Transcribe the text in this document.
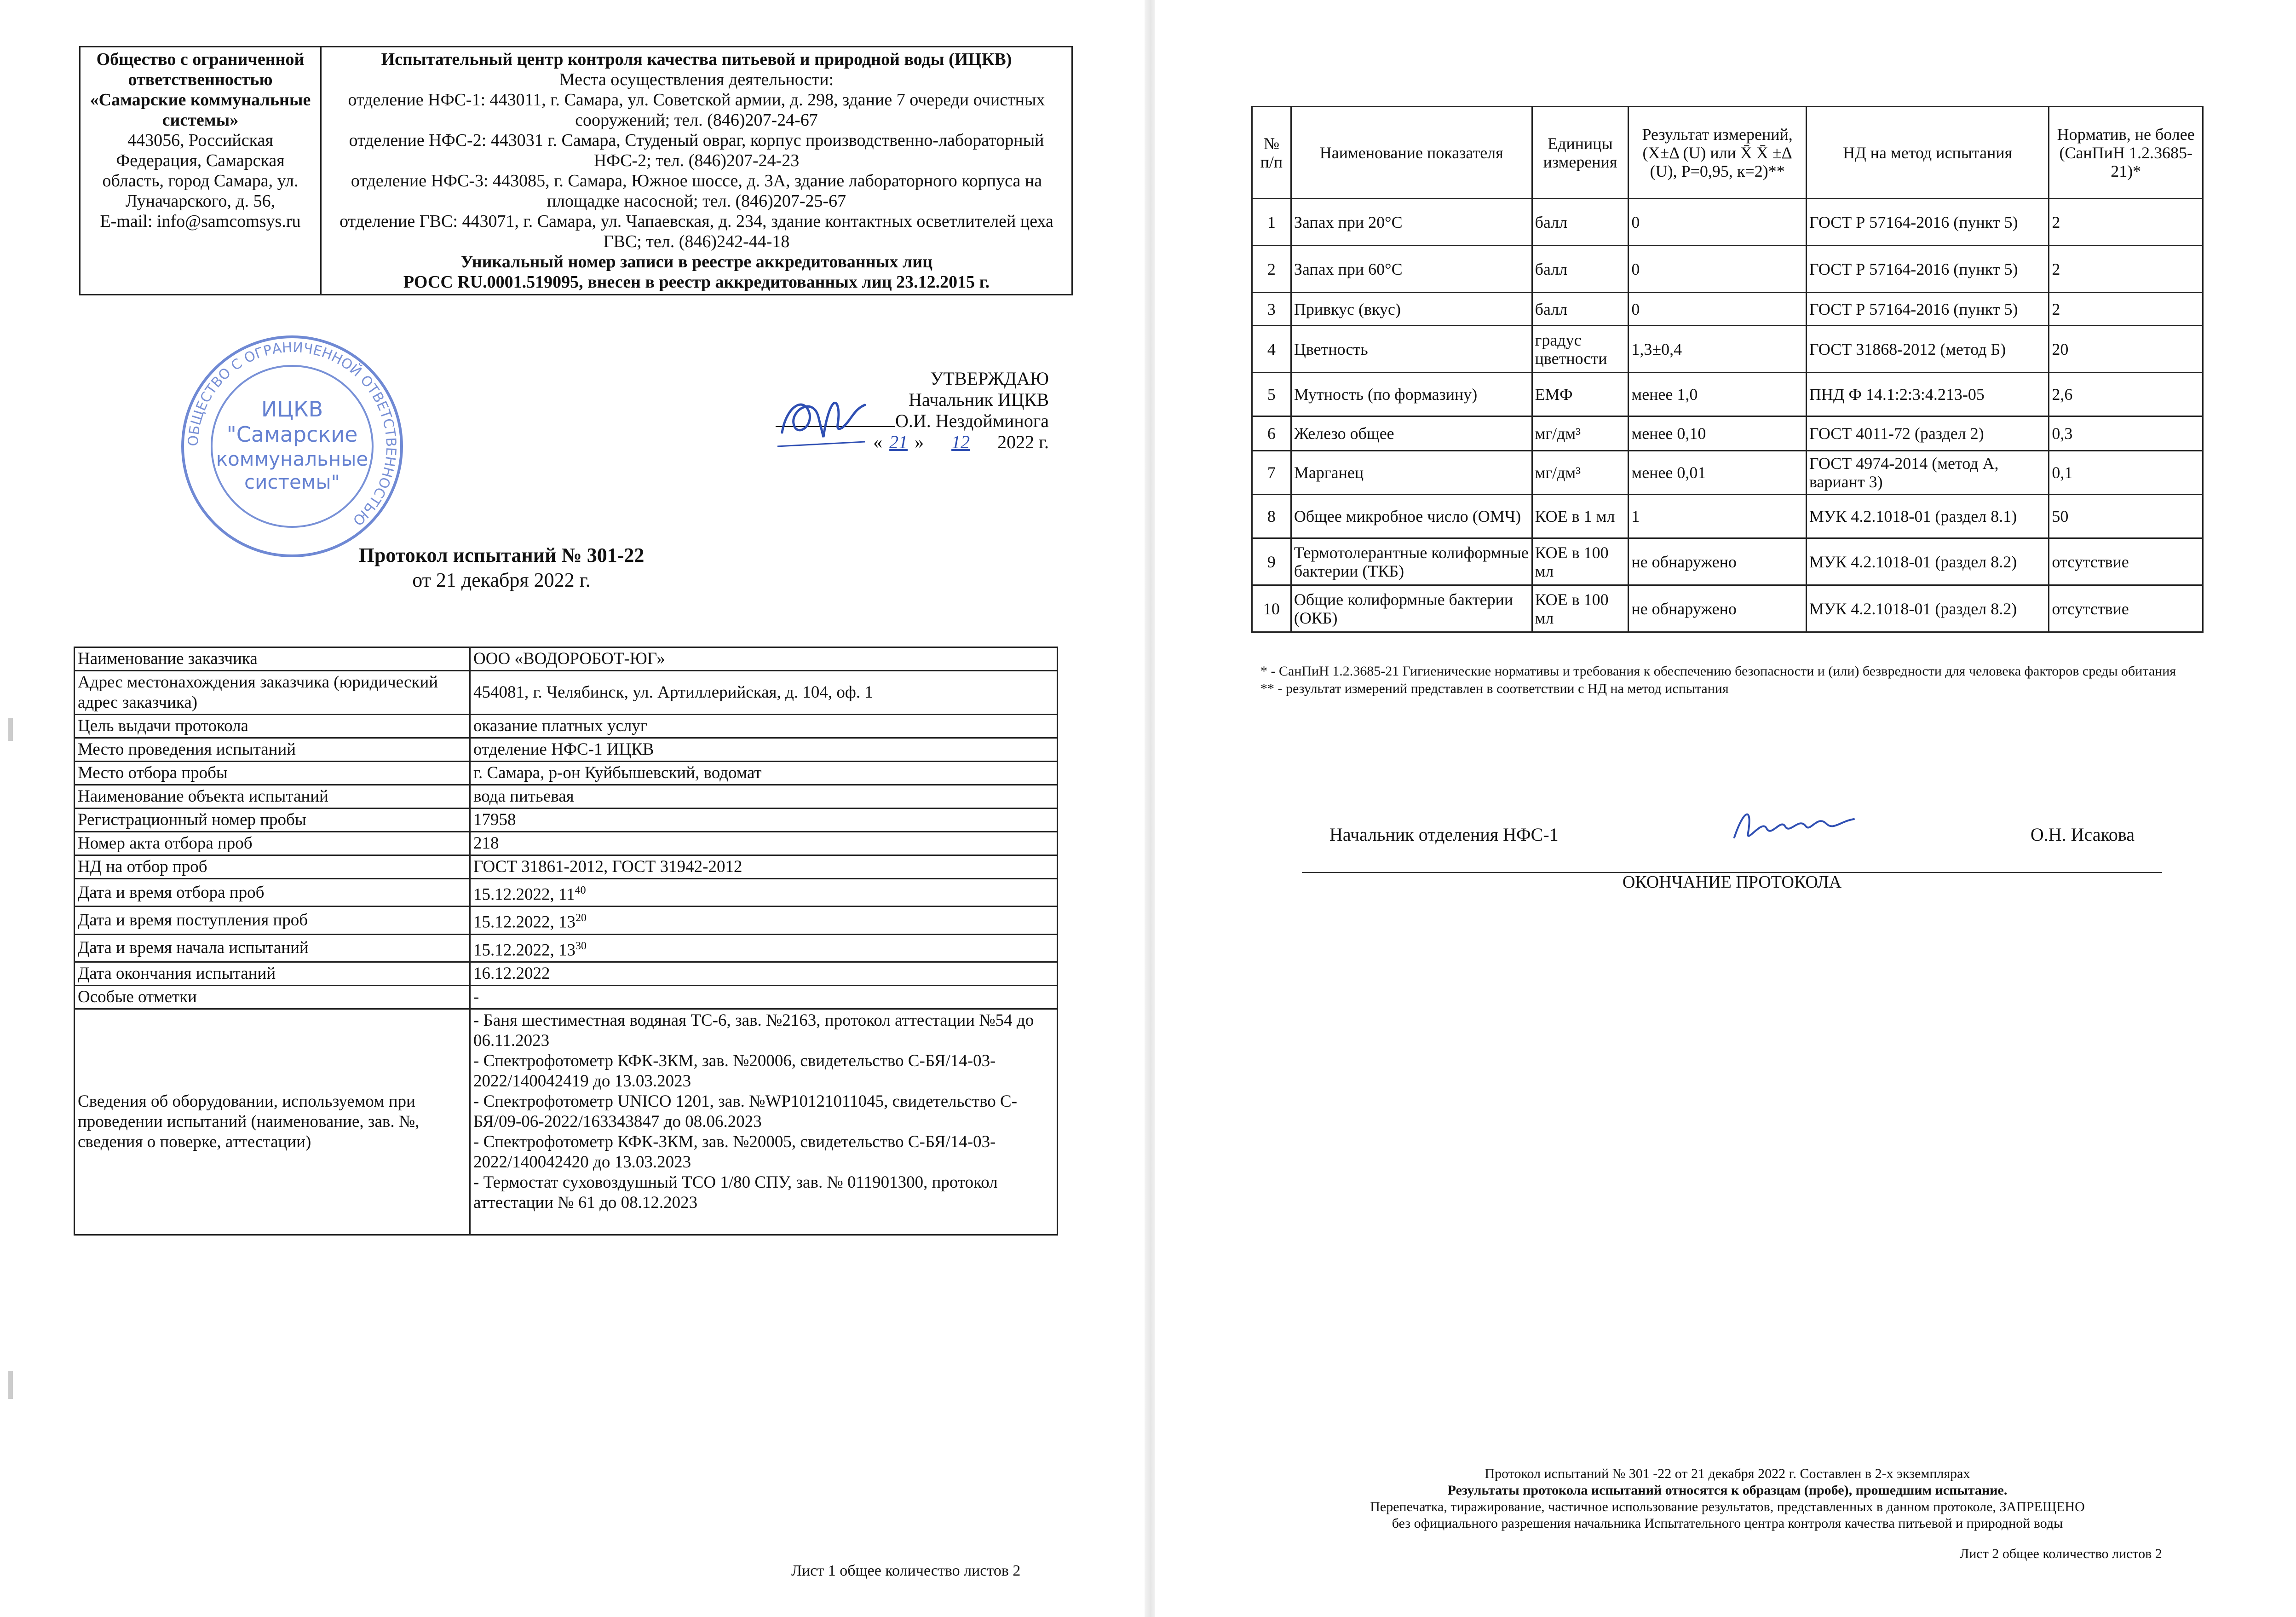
Общество с ограниченной ответственностью «Самарские коммунальные системы»
443056, Российская Федерация, Самарская область, город Самара, ул. Луначарского, д. 56,
E-mail: info@samcomsys.ru

Испытательный центр контроля качества питьевой и природной воды (ИЦКВ)
Места осуществления деятельности:
отделение НФС-1: 443011, г. Самара, ул. Советской армии, д. 298, здание 7 очереди очистных сооружений; тел. (846)207-24-67
отделение НФС-2: 443031 г. Самара, Студеный овраг, корпус производственно-лабораторный НФС-2; тел. (846)207-24-23
отделение НФС-3: 443085, г. Самара, Южное шоссе, д. 3А, здание лабораторного корпуса на площадке насосной; тел. (846)207-25-67
отделение ГВС: 443071, г. Самара, ул. Чапаевская, д. 234, здание контактных осветлителей цеха ГВС; тел. (846)242-44-18
Уникальный номер записи в реестре аккредитованных лиц
РОСС RU.0001.519095, внесен в реестр аккредитованных лиц 23.12.2015 г.
ОБЩЕСТВО С ОГРАНИЧЕННОЙ ОТВЕТСТВЕННОСТЬЮ
ИЦКВ
"Самарские
коммунальные
системы"
УТВЕРЖДАЮ
Начальник ИЦКВ
О.И. Нездойминога
« 21 » 12 2022 г.
Протокол испытаний № 301-22
от 21 декабря 2022 г.
Наименование заказчика	ООО «ВОДОРОБОТ-ЮГ»
Адрес местонахождения заказчика (юридический адрес заказчика)	454081, г. Челябинск, ул. Артиллерийская, д. 104, оф. 1
Цель выдачи протокола	оказание платных услуг
Место проведения испытаний	отделение НФС-1 ИЦКВ
Место отбора пробы	г. Самара, р-он Куйбышевский, водомат
Наименование объекта испытаний	вода питьевая
Регистрационный номер пробы	17958
Номер акта отбора проб	218
НД на отбор проб	ГОСТ 31861-2012, ГОСТ 31942-2012
Дата и время отбора проб	15.12.2022, $11^{40}$
Дата и время поступления проб	15.12.2022, $13^{20}$
Дата и время начала испытаний	15.12.2022, $13^{30}$
Дата окончания испытаний	16.12.2022
Особые отметки	-
Сведения об оборудовании, используемом при проведении испытаний (наименование, зав. №, сведения о поверке, аттестации)	- Баня шестиместная водяная ТС-6, зав. №2163, протокол аттестации №54 до 06.11.2023
- Спектрофотометр КФК-3КМ, зав. №20006, свидетельство С-БЯ/14-03-2022/140042419 до 13.03.2023
- Спектрофотометр UNICO 1201, зав. №WP10121011045, свидетельство С-БЯ/09-06-2022/163343847 до 08.06.2023
- Спектрофотометр КФК-3КМ, зав. №20005, свидетельство С-БЯ/14-03-2022/140042420 до 13.03.2023
- Термостат суховоздушный ТСО 1/80 СПУ, зав. № 011901300, протокол аттестации № 61 до 08.12.2023
Лист 1 общее количество листов 2
№ п/п	Наименование показателя	Единицы измерения	Результат измерений, (X±Δ (U) или X̄ X̄ ±Δ (U), P=0,95, к=2)**	НД на метод испытания	Норматив, не более (СанПиН 1.2.3685-21)*
1	Запах при 20°С	балл	0	ГОСТ Р 57164-2016 (пункт 5)	2
2	Запах при 60°С	балл	0	ГОСТ Р 57164-2016 (пункт 5)	2
3	Привкус (вкус)	балл	0	ГОСТ Р 57164-2016 (пункт 5)	2
4	Цветность	градус цветности	1,3±0,4	ГОСТ 31868-2012 (метод Б)	20
5	Мутность (по формазину)	ЕМФ	менее 1,0	ПНД Ф 14.1:2:3:4.213-05	2,6
6	Железо общее	мг/дм³	менее 0,10	ГОСТ 4011-72 (раздел 2)	0,3
7	Марганец	мг/дм³	менее 0,01	ГОСТ 4974-2014 (метод А, вариант 3)	0,1
8	Общее микробное число (ОМЧ)	КОЕ в 1 мл	1	МУК 4.2.1018-01 (раздел 8.1)	50
9	Термотолерантные колиформные бактерии (ТКБ)	КОЕ в 100 мл	не обнаружено	МУК 4.2.1018-01 (раздел 8.2)	отсутствие
10	Общие колиформные бактерии (ОКБ)	КОЕ в 100 мл	не обнаружено	МУК 4.2.1018-01 (раздел 8.2)	отсутствие
* - СанПиН 1.2.3685-21 Гигиенические нормативы и требования к обеспечению безопасности и (или) безвредности для человека факторов среды обитания
** - результат измерений представлен в соответствии с НД на метод испытания
Начальник отделения НФС-1	О.Н. Исакова
ОКОНЧАНИЕ ПРОТОКОЛА
Протокол испытаний № 301 -22 от 21 декабря 2022 г. Составлен в 2-х экземплярах
Результаты протокола испытаний относятся к образцам (пробе), прошедшим испытание.
Перепечатка, тиражирование, частичное использование результатов, представленных в данном протоколе, ЗАПРЕЩЕНО
без официального разрешения начальника Испытательного центра контроля качества питьевой и природной воды
Лист 2 общее количество листов 2
